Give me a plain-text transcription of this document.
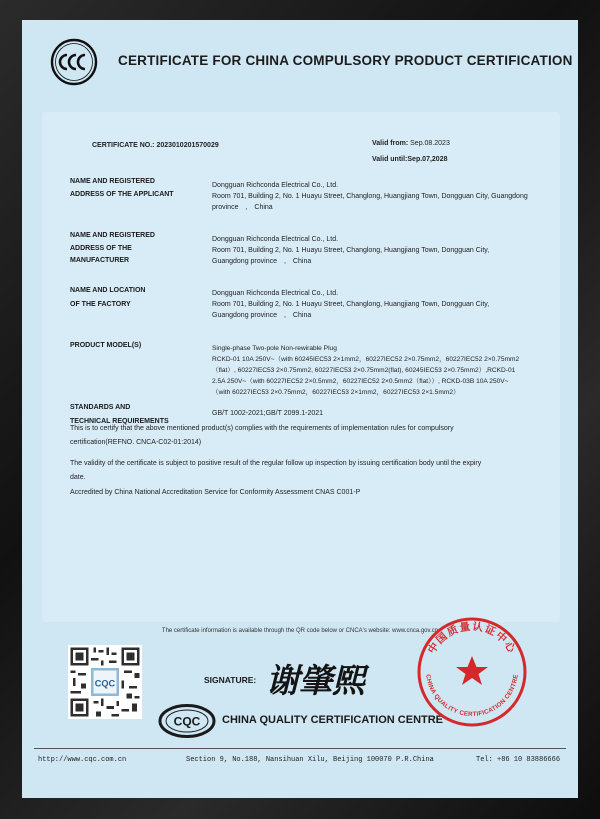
CERTIFICATE FOR CHINA COMPULSORY PRODUCT CERTIFICATION
CERTIFICATE NO.: 2023010201570029	Valid from: Sep.08.2023
Valid until:Sep.07,2028
NAME AND REGISTERED
ADDRESS OF THE APPLICANT
Dongguan Richconda Electrical Co., Ltd.
Room 701, Building 2, No. 1 Huayu Street, Changlong, Huangjiang Town, Dongguan City, Guangdong
province　,　China
NAME AND REGISTERED
ADDRESS OF THE
MANUFACTURER
Dongguan Richconda Electrical Co., Ltd.
Room 701, Building 2, No. 1 Huayu Street, Changlong, Huangjiang Town, Dongguan City,
Guangdong province　,　China
NAME AND LOCATION
OF THE FACTORY
Dongguan Richconda Electrical Co., Ltd.
Room 701, Building 2, No. 1 Huayu Street, Changlong, Huangjiang Town, Dongguan City,
Guangdong province　,　China
PRODUCT MODEL(S)	Single-phase Two-pole Non-rewirable Plug
RCKD-01 10A 250V~（with 60245IEC53 2×1mm2，60227IEC52 2×0.75mm2，60227IEC52 2×0.75mm2
（flat）, 60227IEC53 2×0.75mm2, 60227IEC53 2×0.75mm2(flat), 60245IEC53 2×0.75mm2）,RCKD-01
2.5A 250V~（with 60227IEC52 2×0.5mm2，60227IEC52 2×0.5mm2（flat））, RCKD-03B 10A 250V~
（with 60227IEC53 2×0.75mm2，60227IEC53 2×1mm2，60227IEC53 2×1.5mm2）
STANDARDS AND
TECHNICAL REQUIREMENTS
GB/T 1002-2021;GB/T 2099.1-2021
This is to certify that the above mentioned product(s) complies with the requirements of implementation rules for compulsory
certification(REFNO. CNCA-C02-01:2014)
The validity of the certificate is subject to positive result of the regular follow up inspection by issuing certification body until the expiry
date.
Accredited by China National Accreditation Service for Conformity Assessment CNAS C001-P
The certificate information is available through the QR code below or CNCA's website: www.cnca.gov.cn
CQC	SIGNATURE: 谢肇熙
CQC CHINA QUALITY CERTIFICATION CENTRE
中国质量认证中心
CHINA QUALITY CERTIFICATION CENTRE
http://www.cqc.com.cn	Section 9, No.188, Nansihuan Xilu, Beijing 100070 P.R.China	Tel: +86 10 83886666
